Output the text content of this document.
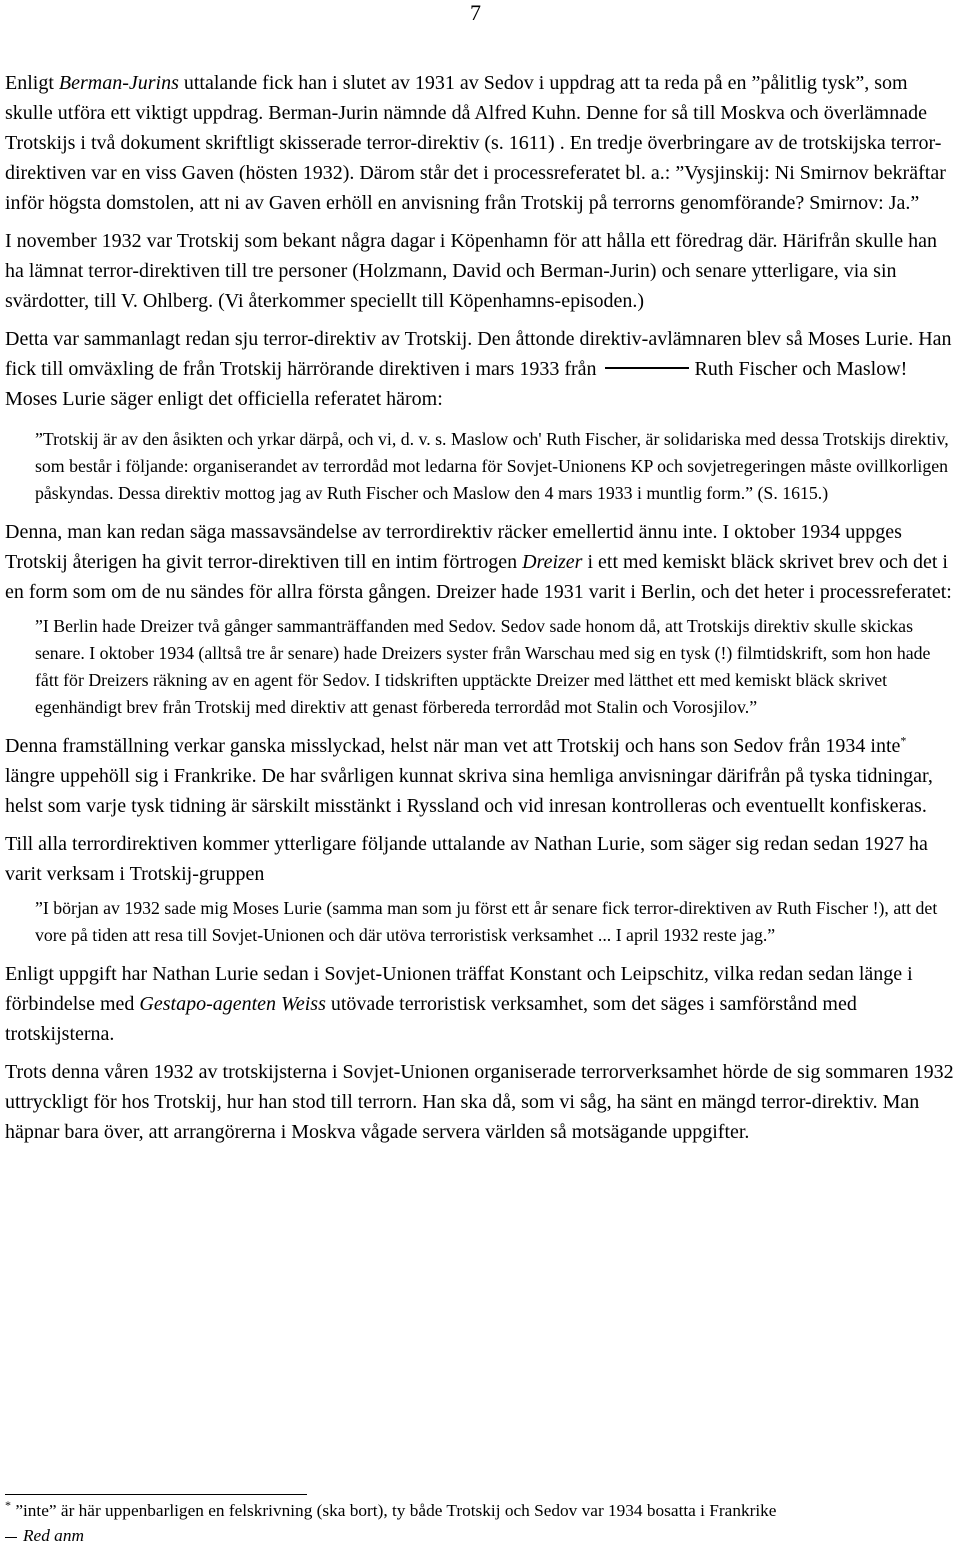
7

Enligt Berman-Jurins uttalande fick han i slutet av 1931 av Sedov i uppdrag att ta reda på en ”pålitlig tysk”, som skulle utföra ett viktigt uppdrag. Berman-Jurin nämnde då Alfred Kuhn. Denne for så till Moskva och överlämnade Trotskijs i två dokument skriftligt skisserade terror-direktiv (s. 1611) . En tredje överbringare av de trotskijska terror-direktiven var en viss Gaven (hösten 1932). Därom står det i processreferatet bl. a.: ”Vysjinskij: Ni Smirnov bekräftar inför högsta domstolen, att ni av Gaven erhöll en anvisning från Trotskij på terrorns genomförande? Smirnov: Ja.”

I november 1932 var Trotskij som bekant några dagar i Köpenhamn för att hålla ett föredrag där. Härifrån skulle han ha lämnat terror-direktiven till tre personer (Holzmann, David och Berman-Jurin) och senare ytterligare, via sin svärdotter, till V. Ohlberg. (Vi återkommer speciellt till Köpenhamns-episoden.)

Detta var sammanlagt redan sju terror-direktiv av Trotskij. Den åttonde direktiv-avlämnaren blev så Moses Lurie. Han fick till omväxling de från Trotskij härrörande direktiven i mars 1933 från	Ruth Fischer och Maslow! Moses Lurie säger enligt det officiella referatet härom:

”Trotskij är av den åsikten och yrkar därpå, och vi, d. v. s. Maslow och' Ruth Fischer, är solidariska med dessa Trotskijs direktiv, som består i följande: organiserandet av terrordåd mot ledarna för Sovjet-Unionens KP och sovjetregeringen måste ovillkorligen påskyndas. Dessa direktiv mottog jag av Ruth Fischer och Maslow den 4 mars 1933 i muntlig form.” (S. 1615.)

Denna, man kan redan säga massavsändelse av terrordirektiv räcker emellertid ännu inte. I oktober 1934 uppges Trotskij återigen ha givit terror-direktiven till en intim förtrogen Dreizer i ett med kemiskt bläck skrivet brev och det i en form som om de nu sändes för allra första gången. Dreizer hade 1931 varit i Berlin, och det heter i processreferatet:

”I Berlin hade Dreizer två gånger sammanträffanden med Sedov. Sedov sade honom då, att Trotskijs direktiv skulle skickas senare. I oktober 1934 (alltså tre år senare) hade Dreizers syster från Warschau med sig en tysk (!) filmtidskrift, som hon hade fått för Dreizers räkning av en agent för Sedov. I tidskriften upptäckte Dreizer med lätthet ett med kemiskt bläck skrivet egenhändigt brev från Trotskij med direktiv att genast förbereda terrordåd mot Stalin och Vorosjilov.”

Denna framställning verkar ganska misslyckad, helst när man vet att Trotskij och hans son Sedov från 1934 inte* längre uppehöll sig i Frankrike. De har svårligen kunnat skriva sina hemliga anvisningar därifrån på tyska tidningar, helst som varje tysk tidning är särskilt misstänkt i Ryssland och vid inresan kontrolleras och eventuellt konfiskeras.

Till alla terrordirektiven kommer ytterligare följande uttalande av Nathan Lurie, som säger sig redan sedan 1927 ha varit verksam i Trotskij-gruppen

”I början av 1932 sade mig Moses Lurie (samma man som ju först ett år senare fick terror-direktiven av Ruth Fischer !), att det vore på tiden att resa till Sovjet-Unionen och där utöva terroristisk verksamhet ... I april 1932 reste jag.”

Enligt uppgift har Nathan Lurie sedan i Sovjet-Unionen träffat Konstant och Leipschitz, vilka redan sedan länge i förbindelse med Gestapo-agenten Weiss utövade terroristisk verksamhet, som det säges i samförstånd med trotskijsterna.

Trots denna våren 1932 av trotskijsterna i Sovjet-Unionen organiserade terrorverksamhet hörde de sig sommaren 1932 uttryckligt för hos Trotskij, hur han stod till terrorn. Han ska då, som vi såg, ha sänt en mängd terror-direktiv. Man häpnar bara över, att arrangörerna i Moskva vågade servera världen så motsägande uppgifter.

* ”inte” är här uppenbarligen en felskrivning (ska bort), ty både Trotskij och Sedov var 1934 bosatta i Frankrike
Red anm
